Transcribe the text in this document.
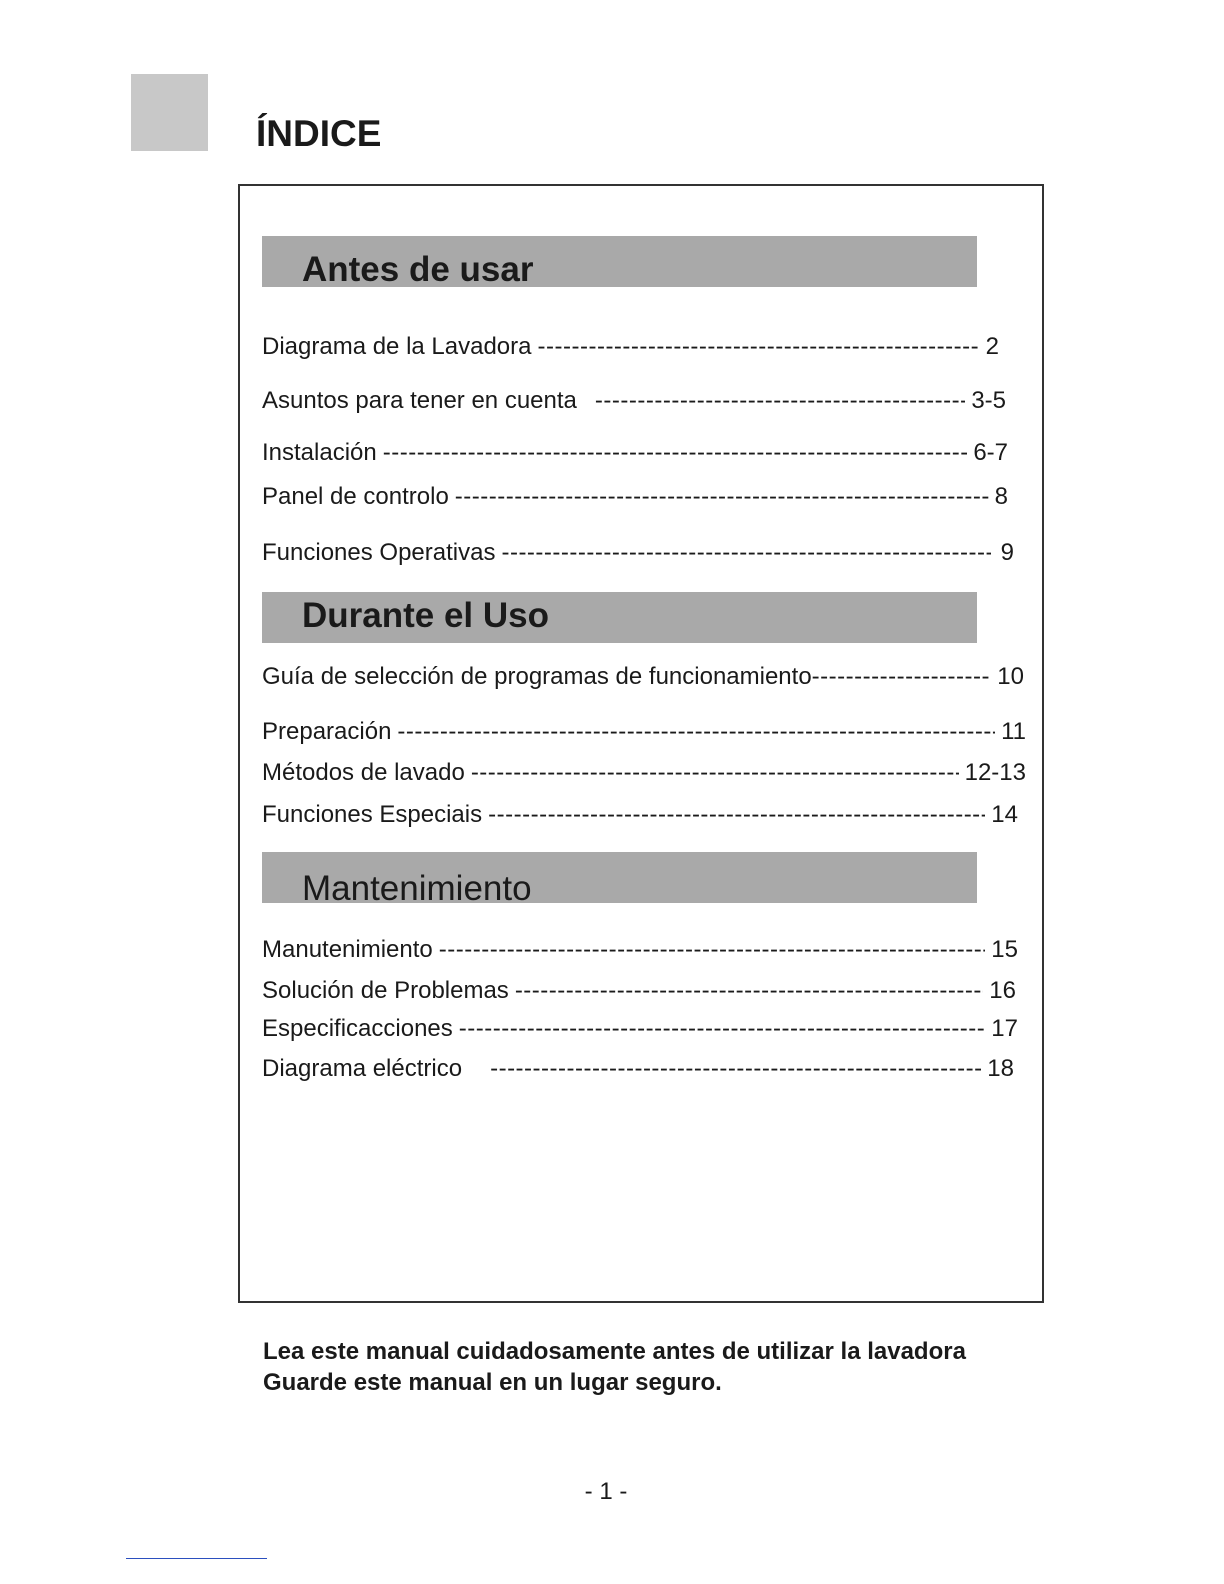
ÍNDICE
Antes de usar
Diagrama de la Lavadora -----	2
Asuntos para tener en cuenta -----	3-5
Instalación -----	6-7
Panel de controlo -----	8
Funciones Operativas -----	9
Durante el Uso
Guía de selección de programas de funcionamiento -----	10
Preparación -----	11
Métodos de lavado -----	12-13
Funciones Especiais -----	14
Mantenimiento
Manutenimiento -----	15
Solución de Problemas -----	16
Especificacciones -----	17
Diagrama eléctrico -----	18
Lea este manual cuidadosamente antes de utilizar la lavadora
Guarde este manual en un lugar seguro.
- 1 -
